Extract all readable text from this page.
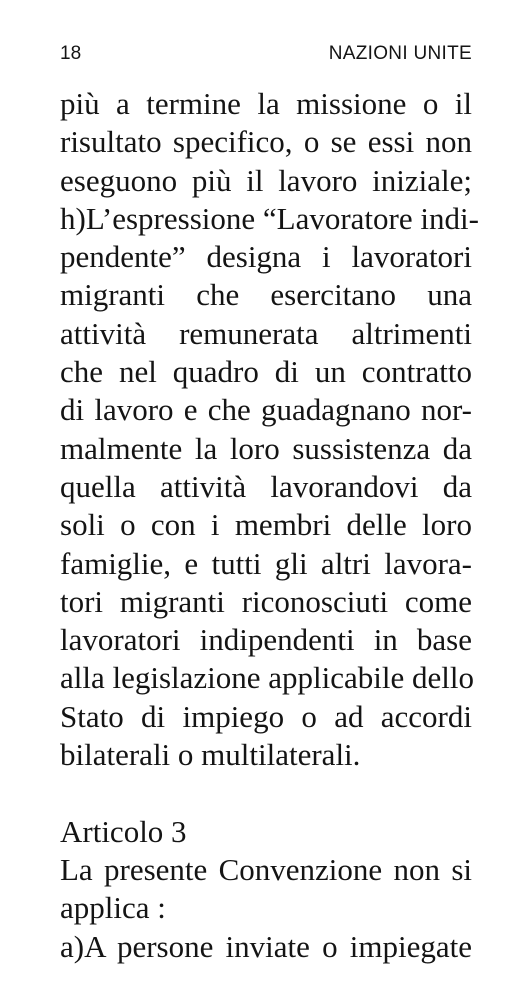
18	NAZIONI UNITE
più a termine la missione o il
risultato specifico, o se essi non
eseguono più il lavoro iniziale;
h)L’espressione “Lavoratore indi-
pendente” designa i lavoratori
migranti che esercitano una
attività remunerata altrimenti
che nel quadro di un contratto
di lavoro e che guadagnano nor-
malmente la loro sussistenza da
quella attività lavorandovi da
soli o con i membri delle loro
famiglie, e tutti gli altri lavora-
tori migranti riconosciuti come
lavoratori indipendenti in base
alla legislazione applicabile dello
Stato di impiego o ad accordi
bilaterali o multilaterali.
Articolo 3
La presente Convenzione non si
applica :
a)A persone inviate o impiegate
